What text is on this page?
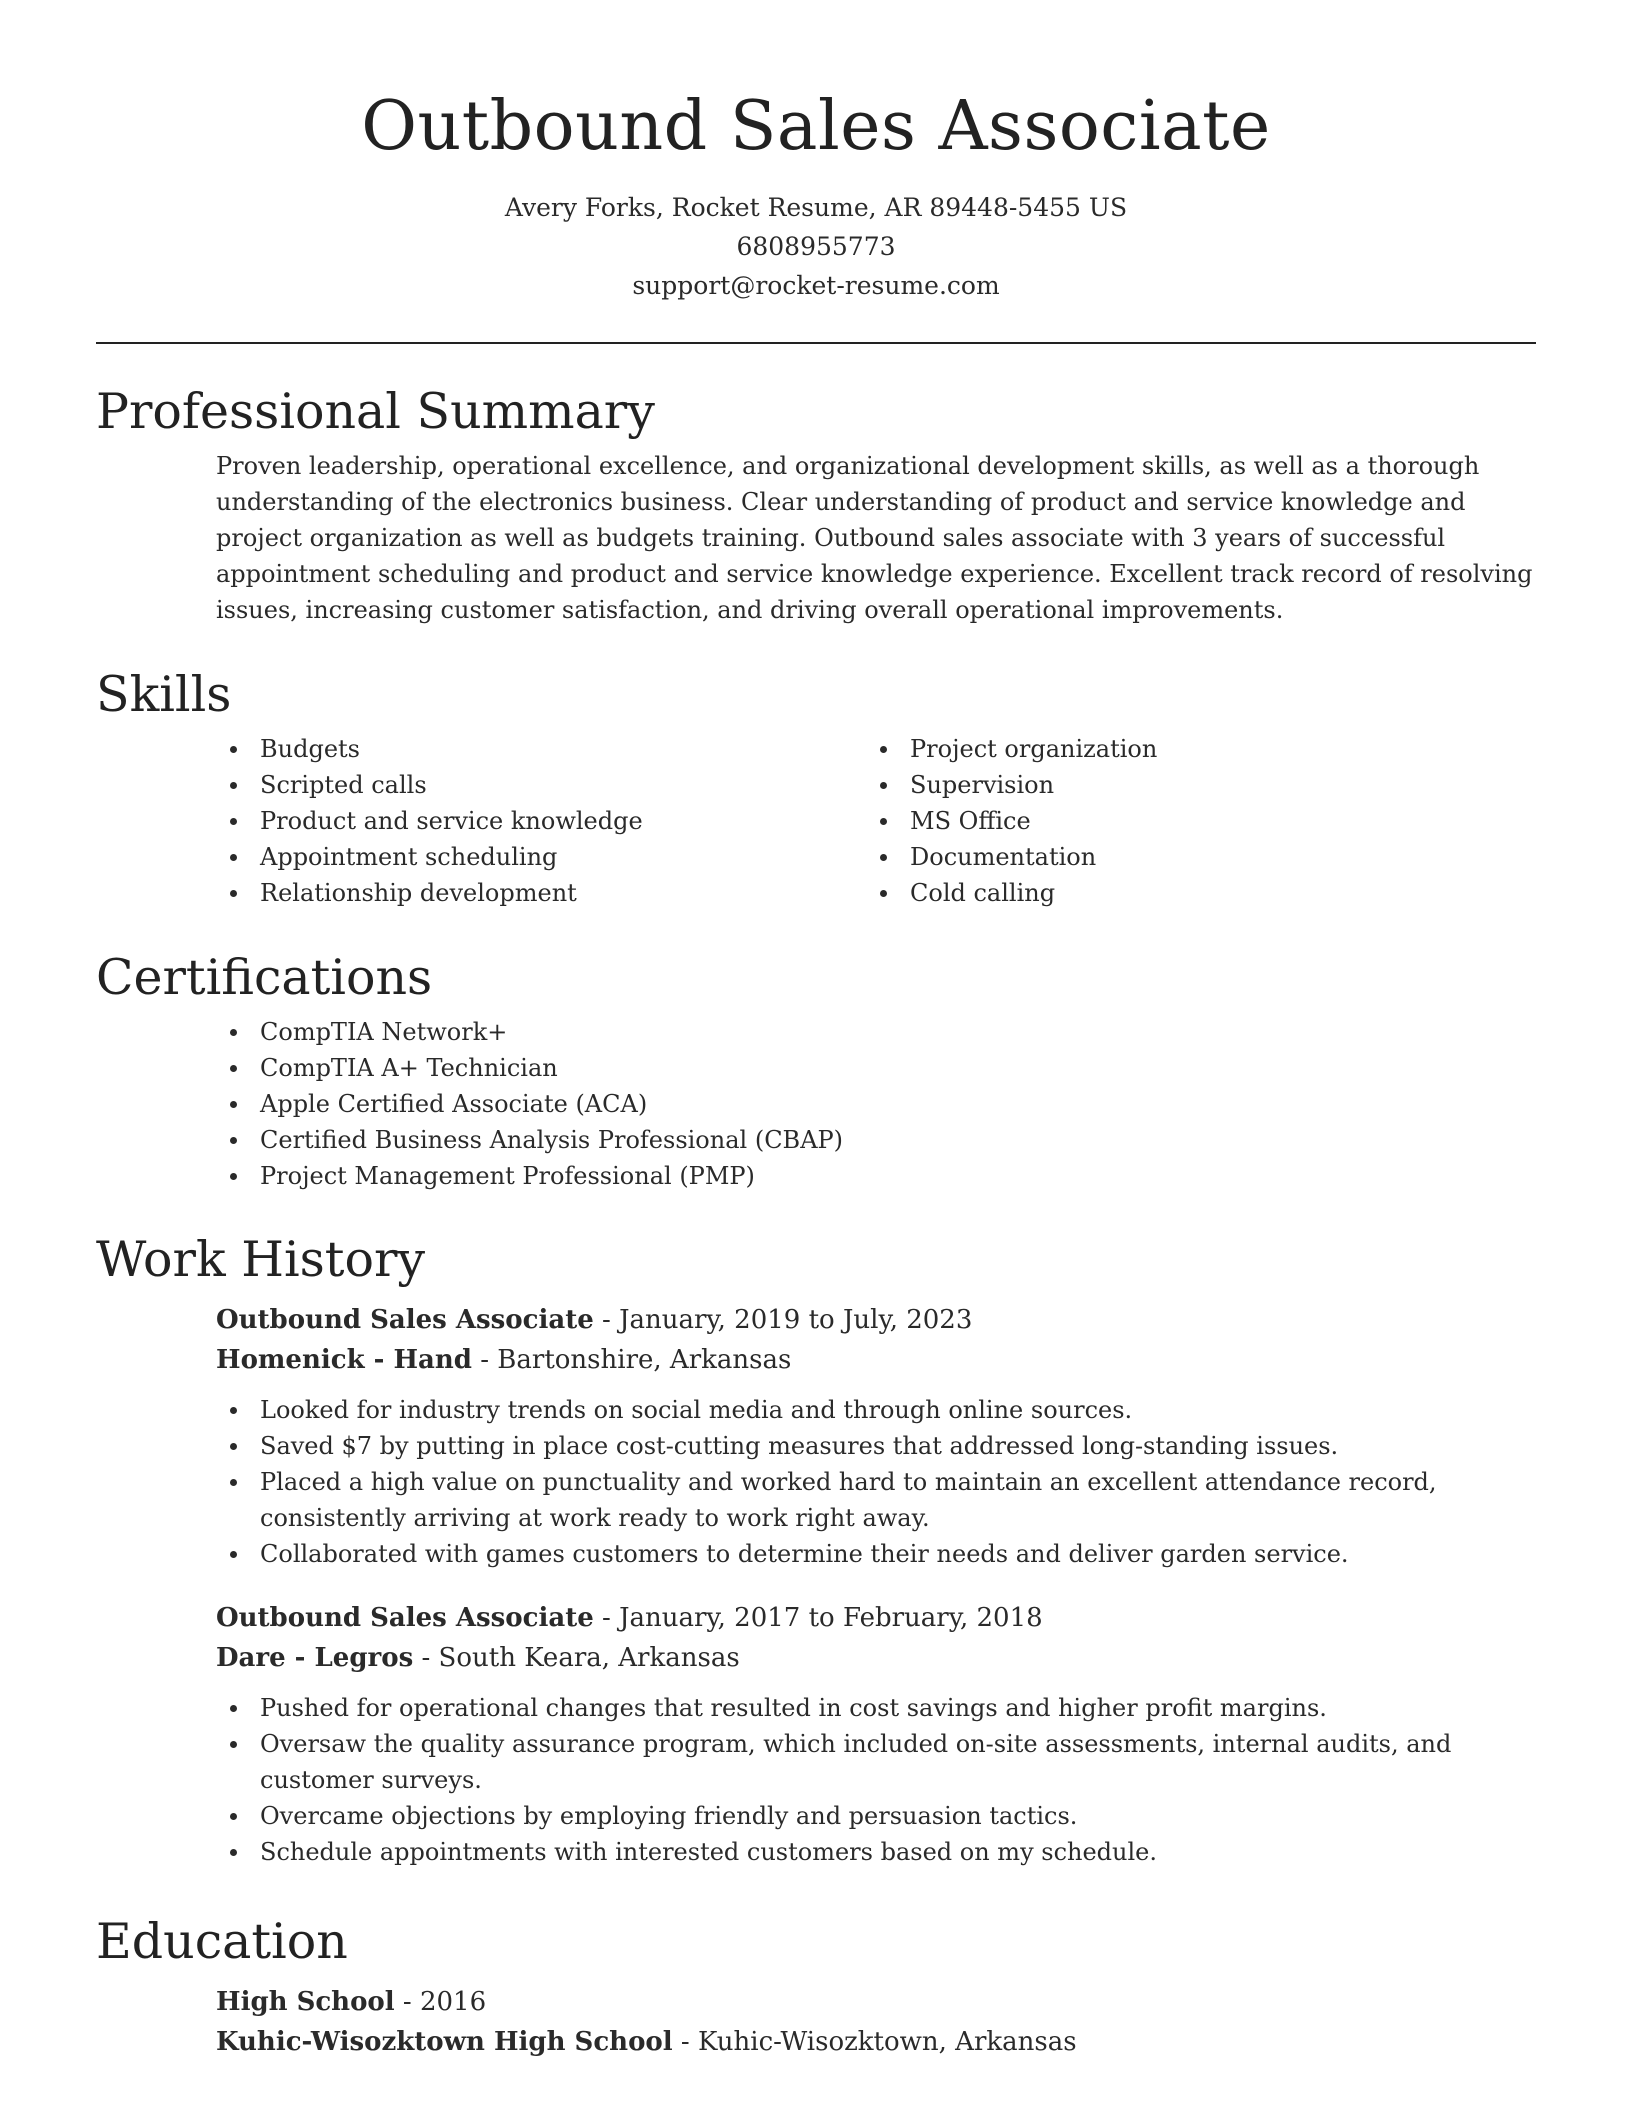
Outbound Sales Associate
Avery Forks, Rocket Resume, AR 89448-5455 US
6808955773
support@rocket-resume.com
Professional Summary

Proven leadership, operational excellence, and organizational development skills, as well as a thorough understanding of the electronics business. Clear understanding of product and service knowledge and project organization as well as budgets training. Outbound sales associate with 3 years of successful appointment scheduling and product and service knowledge experience. Excellent track record of resolving issues, increasing customer satisfaction, and driving overall operational improvements.

Skills
Budgets
Scripted calls
Product and service knowledge
Appointment scheduling
Relationship development
Project organization
Supervision
MS Office
Documentation
Cold calling
Certifications
CompTIA Network+
CompTIA A+ Technician
Apple Certified Associate (ACA)
Certified Business Analysis Professional (CBAP)
Project Management Professional (PMP)
Work History
Outbound Sales Associate - January, 2019 to July, 2023
Homenick - Hand - Bartonshire, Arkansas
Looked for industry trends on social media and through online sources.
Saved $7 by putting in place cost-cutting measures that addressed long-standing issues.
Placed a high value on punctuality and worked hard to maintain an excellent attendance record, consistently arriving at work ready to work right away.
Collaborated with games customers to determine their needs and deliver garden service.
Outbound Sales Associate - January, 2017 to February, 2018
Dare - Legros - South Keara, Arkansas
Pushed for operational changes that resulted in cost savings and higher profit margins.
Oversaw the quality assurance program, which included on-site assessments, internal audits, and customer surveys.
Overcame objections by employing friendly and persuasion tactics.
Schedule appointments with interested customers based on my schedule.
Education
High School - 2016
Kuhic-Wisozktown High School - Kuhic-Wisozktown, Arkansas
